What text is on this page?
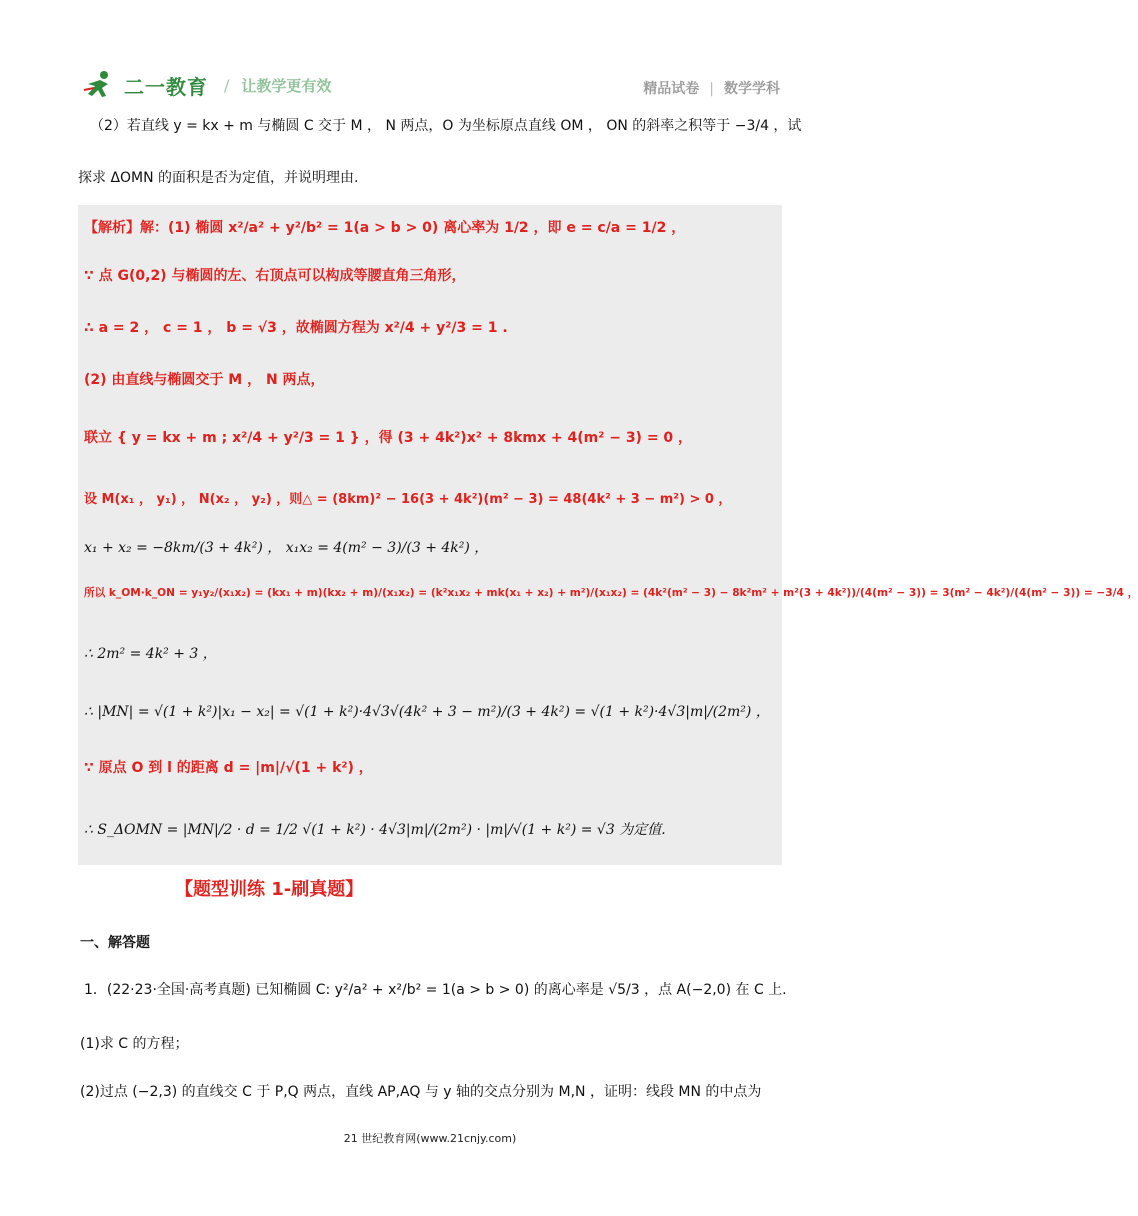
二一教育 / 让教学更有效	精品试卷 | 数学学科
（2）若直线 y = kx + m 与椭圆 C 交于 M ， N 两点，O 为坐标原点直线 OM ， ON 的斜率之积等于 −3/4 ，试
探求 ΔOMN 的面积是否为定值，并说明理由.
【解析】解：(1) 椭圆 x²/a² + y²/b² = 1(a > b > 0) 离心率为 1/2 ，即 e = c/a = 1/2 ，
∵ 点 G(0,2) 与椭圆的左、右顶点可以构成等腰直角三角形，
∴ a = 2 ， c = 1 ， b = √3 ，故椭圆方程为 x²/4 + y²/3 = 1 .
(2) 由直线与椭圆交于 M ， N 两点，
联立 { y = kx + m ; x²/4 + y²/3 = 1 } ，得 (3 + 4k²)x² + 8kmx + 4(m² − 3) = 0 ，
设 M(x₁ ， y₁) ， N(x₂ ， y₂) ，则△ = (8km)² − 16(3 + 4k²)(m² − 3) = 48(4k² + 3 − m²) > 0 ，
x₁ + x₂ = −8km/(3 + 4k²) ， x₁x₂ = 4(m² − 3)/(3 + 4k²) ，
所以 k_OM·k_ON = y₁y₂/(x₁x₂) = (kx₁ + m)(kx₂ + m)/(x₁x₂) = (k²x₁x₂ + mk(x₁ + x₂) + m²)/(x₁x₂) = (4k²(m² − 3) − 8k²m² + m²(3 + 4k²))/(4(m² − 3)) = 3(m² − 4k²)/(4(m² − 3)) = −3/4 ，
∴ 2m² = 4k² + 3 ，
∴ |MN| = √(1 + k²)|x₁ − x₂| = √(1 + k²)·4√3√(4k² + 3 − m²)/(3 + 4k²) = √(1 + k²)·4√3|m|/(2m²) ，
∵ 原点 O 到 l 的距离 d = |m|/√(1 + k²) ，
∴ S_ΔOMN = |MN|/2 · d = 1/2 √(1 + k²) · 4√3|m|/(2m²) · |m|/√(1 + k²) = √3 为定值.
【题型训练 1-刷真题】
一、解答题
1．(22·23·全国·高考真题) 已知椭圆 C: y²/a² + x²/b² = 1(a > b > 0) 的离心率是 √5/3 ，点 A(−2,0) 在 C 上.
(1)求 C 的方程；
(2)过点 (−2,3) 的直线交 C 于 P,Q 两点，直线 AP,AQ 与 y 轴的交点分别为 M,N ，证明：线段 MN 的中点为
21 世纪教育网(www.21cnjy.com)
